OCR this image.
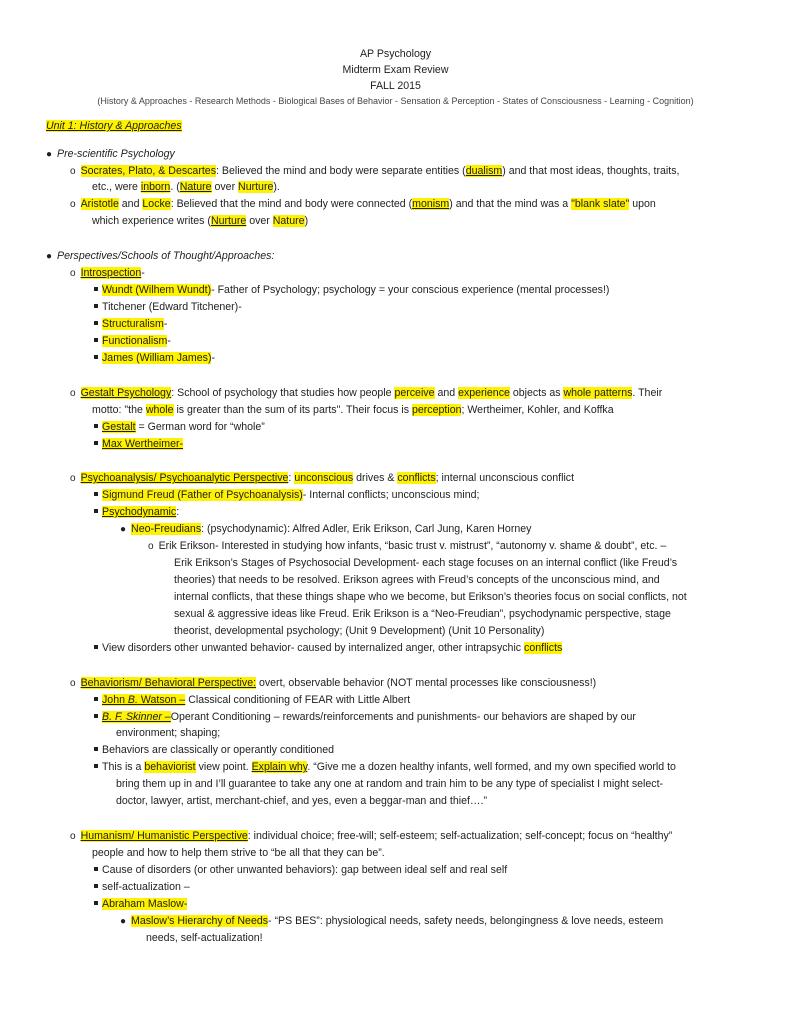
AP Psychology
Midterm Exam Review
FALL 2015
(History & Approaches - Research Methods - Biological Bases of Behavior - Sensation & Perception - States of Consciousness - Learning - Cognition)
Unit 1: History & Approaches
● Pre-scientific Psychology
o Socrates, Plato, & Descartes: Believed the mind and body were separate entities (dualism) and that most ideas, thoughts, traits,
etc., were inborn. (Nature over Nurture).
o Aristotle and Locke: Believed that the mind and body were connected (monism) and that the mind was a "blank slate" upon
which experience writes (Nurture over Nature)
● Perspectives/Schools of Thought/Approaches:
o Introspection-
Wundt (Wilhem Wundt)- Father of Psychology; psychology = your conscious experience (mental processes!)
Titchener (Edward Titchener)-
Structuralism-
Functionalism-
James (William James)-
o Gestalt Psychology: School of psychology that studies how people perceive and experience objects as whole patterns. Their
motto: "the whole is greater than the sum of its parts". Their focus is perception; Wertheimer, Kohler, and Koffka
Gestalt = German word for “whole”
Max Wertheimer-
o Psychoanalysis/ Psychoanalytic Perspective: unconscious drives & conflicts; internal unconscious conflict
Sigmund Freud (Father of Psychoanalysis)- Internal conflicts; unconscious mind;
Psychodynamic:
● Neo-Freudians: (psychodynamic): Alfred Adler, Erik Erikson, Carl Jung, Karen Horney
o Erik Erikson- Interested in studying how infants, “basic trust v. mistrust”, “autonomy v. shame & doubt”, etc. –
Erik Erikson’s Stages of Psychosocial Development- each stage focuses on an internal conflict (like Freud’s
theories) that needs to be resolved. Erikson agrees with Freud’s concepts of the unconscious mind, and
internal conflicts, that these things shape who we become, but Erikson’s theories focus on social conflicts, not
sexual & aggressive ideas like Freud. Erik Erikson is a “Neo-Freudian”, psychodynamic perspective, stage
theorist, developmental psychology; (Unit 9 Development) (Unit 10 Personality)
View disorders other unwanted behavior- caused by internalized anger, other intrapsychic conflicts
o Behaviorism/ Behavioral Perspective: overt, observable behavior (NOT mental processes like consciousness!)
John B. Watson – Classical conditioning of FEAR with Little Albert
B. F. Skinner –Operant Conditioning – rewards/reinforcements and punishments- our behaviors are shaped by our
environment; shaping;
Behaviors are classically or operantly conditioned
This is a behaviorist view point. Explain why. “Give me a dozen healthy infants, well formed, and my own specified world to
bring them up in and I’ll guarantee to take any one at random and train him to be any type of specialist I might select-
doctor, lawyer, artist, merchant-chief, and yes, even a beggar-man and thief….”
o Humanism/ Humanistic Perspective: individual choice; free-will; self-esteem; self-actualization; self-concept; focus on “healthy”
people and how to help them strive to “be all that they can be”.
Cause of disorders (or other unwanted behaviors): gap between ideal self and real self
self-actualization –
Abraham Maslow-
● Maslow’s Hierarchy of Needs- “PS BES”: physiological needs, safety needs, belongingness & love needs, esteem
needs, self-actualization!
